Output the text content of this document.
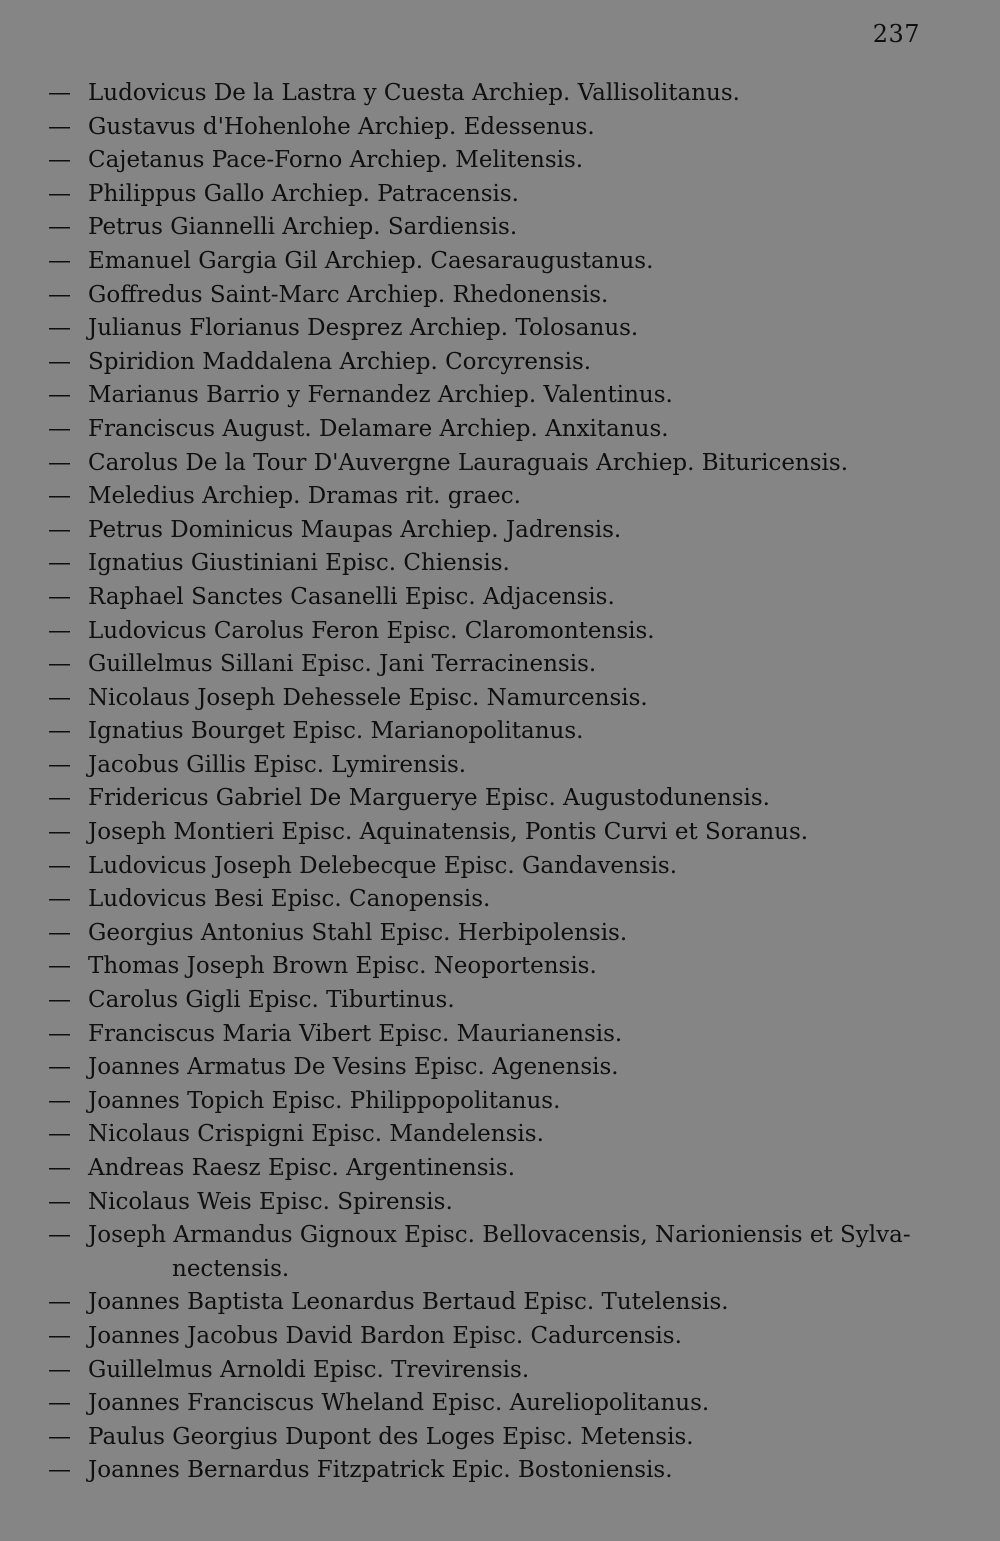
237
— Ludovicus De la Lastra y Cuesta Archiep. Vallisolitanus.
— Gustavus d'Hohenlohe Archiep. Edessenus.
— Cajetanus Pace-Forno Archiep. Melitensis.
— Philippus Gallo Archiep. Patracensis.
— Petrus Giannelli Archiep. Sardiensis.
— Emanuel Gargia Gil Archiep. Caesaraugustanus.
— Goffredus Saint-Marc Archiep. Rhedonensis.
— Julianus Florianus Desprez Archiep. Tolosanus.
— Spiridion Maddalena Archiep. Corcyrensis.
— Marianus Barrio y Fernandez Archiep. Valentinus.
— Franciscus August. Delamare Archiep. Anxitanus.
— Carolus De la Tour D'Auvergne Lauraguais Archiep. Bituricensis.
— Meledius Archiep. Dramas rit. graec.
— Petrus Dominicus Maupas Archiep. Jadrensis.
— Ignatius Giustiniani Episc. Chiensis.
— Raphael Sanctes Casanelli Episc. Adjacensis.
— Ludovicus Carolus Feron Episc. Claromontensis.
— Guillelmus Sillani Episc. Jani Terracinensis.
— Nicolaus Joseph Dehessele Episc. Namurcensis.
— Ignatius Bourget Episc. Marianopolitanus.
— Jacobus Gillis Episc. Lymirensis.
— Fridericus Gabriel De Marguerye Episc. Augustodunensis.
— Joseph Montieri Episc. Aquinatensis, Pontis Curvi et Soranus.
— Ludovicus Joseph Delebecque Episc. Gandavensis.
— Ludovicus Besi Episc. Canopensis.
— Georgius Antonius Stahl Episc. Herbipolensis.
— Thomas Joseph Brown Episc. Neoportensis.
— Carolus Gigli Episc. Tiburtinus.
— Franciscus Maria Vibert Episc. Maurianensis.
— Joannes Armatus De Vesins Episc. Agenensis.
— Joannes Topich Episc. Philippopolitanus.
— Nicolaus Crispigni Episc. Mandelensis.
— Andreas Raesz Episc. Argentinensis.
— Nicolaus Weis Episc. Spirensis.
— Joseph Armandus Gignoux Episc. Bellovacensis, Narioniensis et Sylva-
nectensis.
— Joannes Baptista Leonardus Bertaud Episc. Tutelensis.
— Joannes Jacobus David Bardon Episc. Cadurcensis.
— Guillelmus Arnoldi Episc. Trevirensis.
— Joannes Franciscus Wheland Episc. Aureliopolitanus.
— Paulus Georgius Dupont des Loges Episc. Metensis.
— Joannes Bernardus Fitzpatrick Epic. Bostoniensis.
